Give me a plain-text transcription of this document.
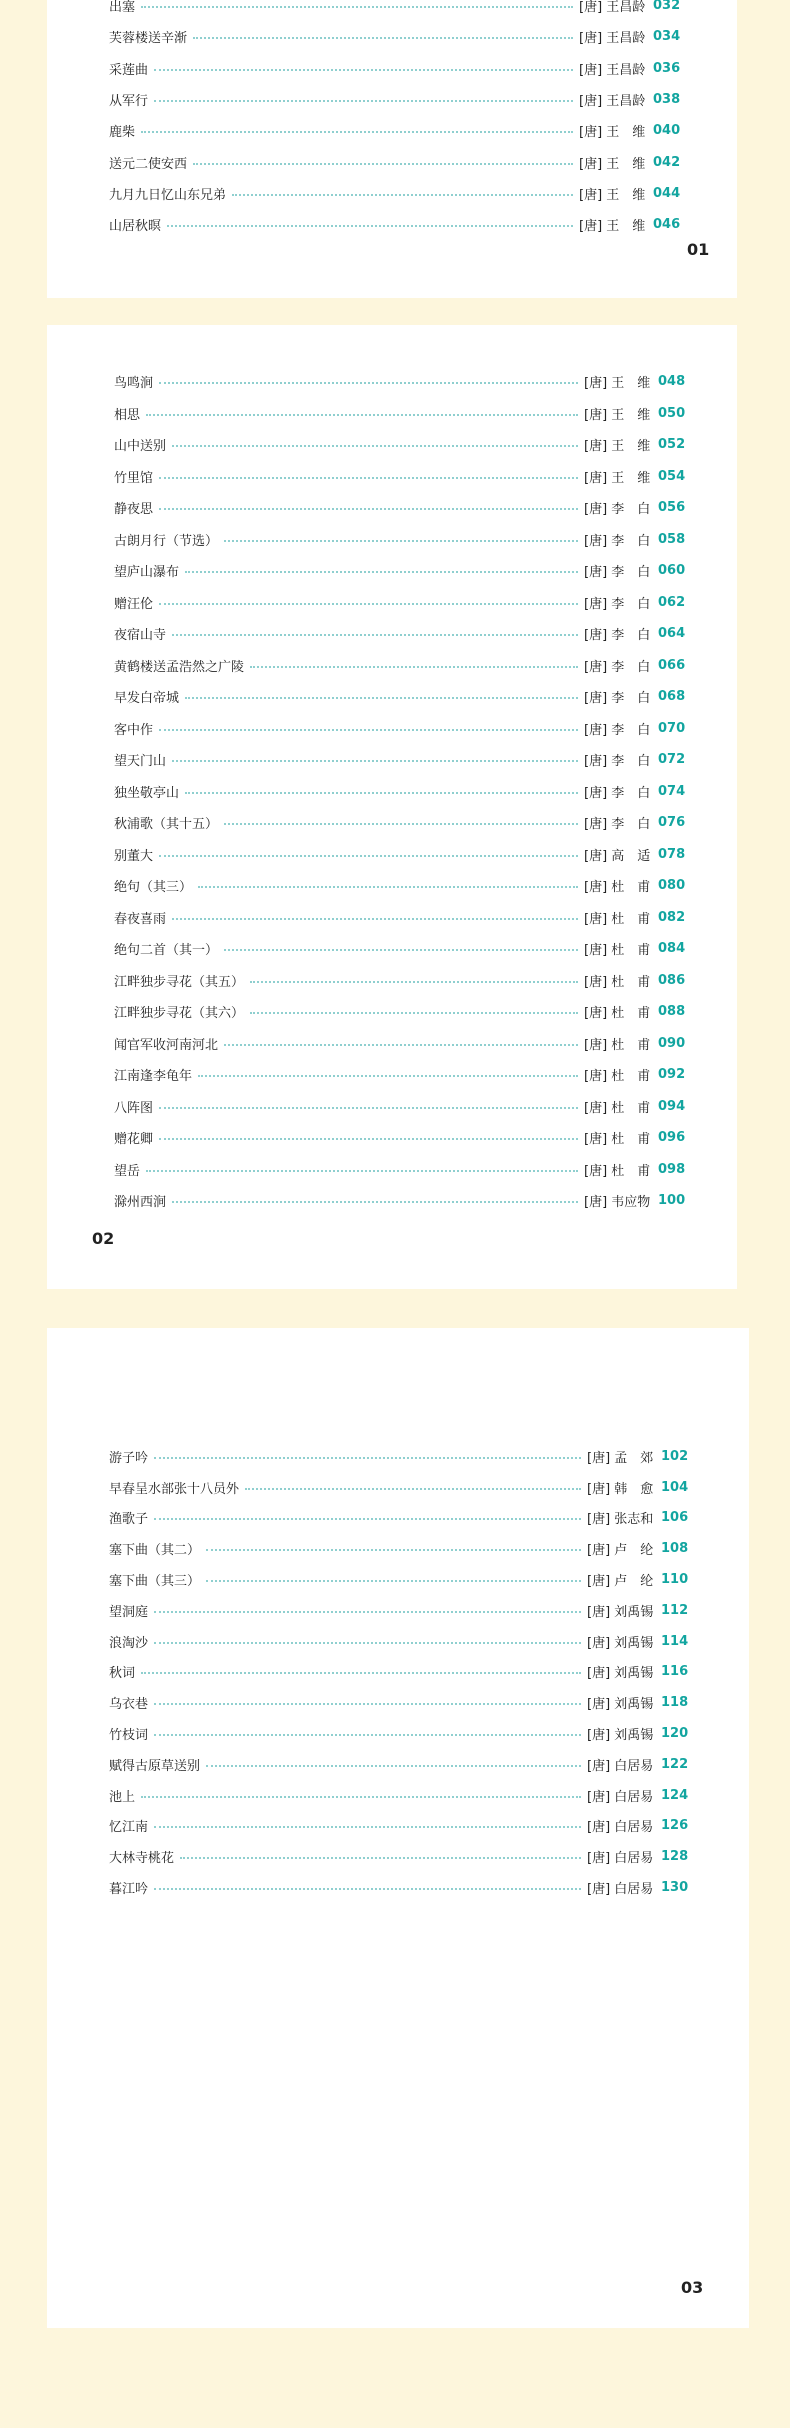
出塞	[唐] 王昌龄 032
芙蓉楼送辛渐	[唐] 王昌龄 034
采莲曲	[唐] 王昌龄 036
从军行	[唐] 王昌龄 038
鹿柴	[唐] 王　维 040
送元二使安西	[唐] 王　维 042
九月九日忆山东兄弟	[唐] 王　维 044
山居秋暝	[唐] 王　维 046
01
鸟鸣涧	[唐] 王　维 048
相思	[唐] 王　维 050
山中送别	[唐] 王　维 052
竹里馆	[唐] 王　维 054
静夜思	[唐] 李　白 056
古朗月行（节选）	[唐] 李　白 058
望庐山瀑布	[唐] 李　白 060
赠汪伦	[唐] 李　白 062
夜宿山寺	[唐] 李　白 064
黄鹤楼送孟浩然之广陵	[唐] 李　白 066
早发白帝城	[唐] 李　白 068
客中作	[唐] 李　白 070
望天门山	[唐] 李　白 072
独坐敬亭山	[唐] 李　白 074
秋浦歌（其十五）	[唐] 李　白 076
别董大	[唐] 高　适 078
绝句（其三）	[唐] 杜　甫 080
春夜喜雨	[唐] 杜　甫 082
绝句二首（其一）	[唐] 杜　甫 084
江畔独步寻花（其五）	[唐] 杜　甫 086
江畔独步寻花（其六）	[唐] 杜　甫 088
闻官军收河南河北	[唐] 杜　甫 090
江南逢李龟年	[唐] 杜　甫 092
八阵图	[唐] 杜　甫 094
赠花卿	[唐] 杜　甫 096
望岳	[唐] 杜　甫 098
滁州西涧	[唐] 韦应物 100
02
游子吟	[唐] 孟　郊 102
早春呈水部张十八员外	[唐] 韩　愈 104
渔歌子	[唐] 张志和 106
塞下曲（其二）	[唐] 卢　纶 108
塞下曲（其三）	[唐] 卢　纶 110
望洞庭	[唐] 刘禹锡 112
浪淘沙	[唐] 刘禹锡 114
秋词	[唐] 刘禹锡 116
乌衣巷	[唐] 刘禹锡 118
竹枝词	[唐] 刘禹锡 120
赋得古原草送别	[唐] 白居易 122
池上	[唐] 白居易 124
忆江南	[唐] 白居易 126
大林寺桃花	[唐] 白居易 128
暮江吟	[唐] 白居易 130
03
